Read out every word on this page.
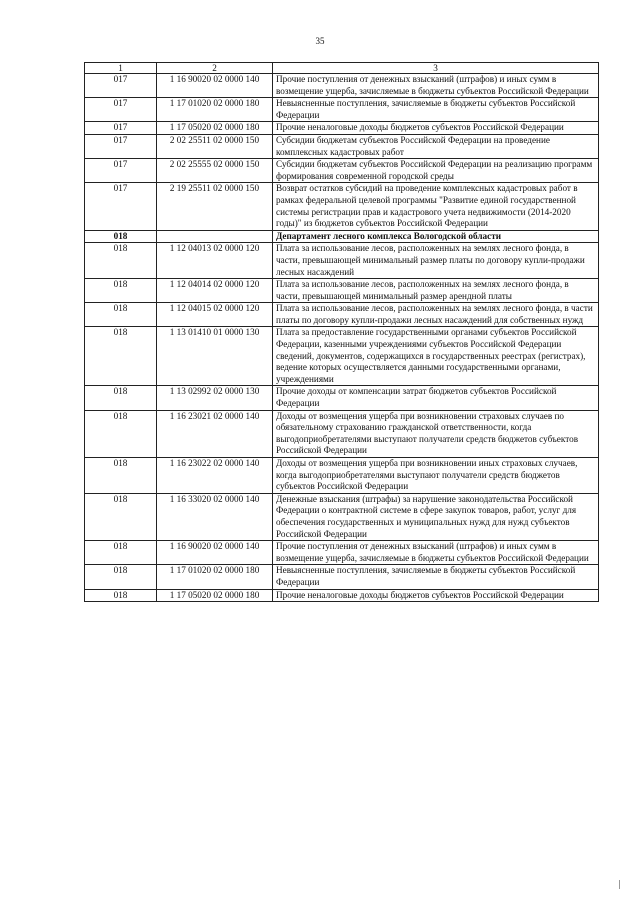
35
1	2	3
017	1 16 90020 02 0000 140	Прочие поступления от денежных взысканий (штрафов) и иных сумм в возмещение ущерба, зачисляемые в бюджеты субъектов Российской Федерации
017	1 17 01020 02 0000 180	Невыясненные поступления, зачисляемые в бюджеты субъектов Российской Федерации
017	1 17 05020 02 0000 180	Прочие неналоговые доходы бюджетов субъектов Российской Федерации
017	2 02 25511 02 0000 150	Субсидии бюджетам субъектов Российской Федерации на проведение комплексных кадастровых работ
017	2 02 25555 02 0000 150	Субсидии бюджетам субъектов Российской Федерации на реализацию программ формирования современной городской среды
017	2 19 25511 02 0000 150	Возврат остатков субсидий на проведение комплексных кадастровых работ в рамках федеральной целевой программы "Развитие единой государственной системы регистрации прав и кадастрового учета недвижимости (2014-2020 годы)" из бюджетов субъектов Российской Федерации
018		Департамент лесного комплекса Вологодской области
018	1 12 04013 02 0000 120	Плата за использование лесов, расположенных на землях лесного фонда, в части, превышающей минимальный размер платы по договору купли-продажи лесных насаждений
018	1 12 04014 02 0000 120	Плата за использование лесов, расположенных на землях лесного фонда, в части, превышающей минимальный размер арендной платы
018	1 12 04015 02 0000 120	Плата за использование лесов, расположенных на землях лесного фонда, в части платы по договору купли-продажи лесных насаждений для собственных нужд
018	1 13 01410 01 0000 130	Плата за предоставление государственными органами субъектов Российской Федерации, казенными учреждениями субъектов Российской Федерации сведений, документов, содержащихся в государственных реестрах (регистрах), ведение которых осуществляется данными государственными органами, учреждениями
018	1 13 02992 02 0000 130	Прочие доходы от компенсации затрат бюджетов субъектов Российской Федерации
018	1 16 23021 02 0000 140	Доходы от возмещения ущерба при возникновении страховых случаев по обязательному страхованию гражданской ответственности, когда выгодоприобретателями выступают получатели средств бюджетов субъектов Российской Федерации
018	1 16 23022 02 0000 140	Доходы от возмещения ущерба при возникновении иных страховых случаев, когда выгодоприобретателями выступают получатели средств бюджетов субъектов Российской Федерации
018	1 16 33020 02 0000 140	Денежные взыскания (штрафы) за нарушение законодательства Российской Федерации о контрактной системе в сфере закупок товаров, работ, услуг для обеспечения государственных и муниципальных нужд для нужд субъектов Российской Федерации
018	1 16 90020 02 0000 140	Прочие поступления от денежных взысканий (штрафов) и иных сумм в возмещение ущерба, зачисляемые в бюджеты субъектов Российской Федерации
018	1 17 01020 02 0000 180	Невыясненные поступления, зачисляемые в бюджеты субъектов Российской Федерации
018	1 17 05020 02 0000 180	Прочие неналоговые доходы бюджетов субъектов Российской Федерации
